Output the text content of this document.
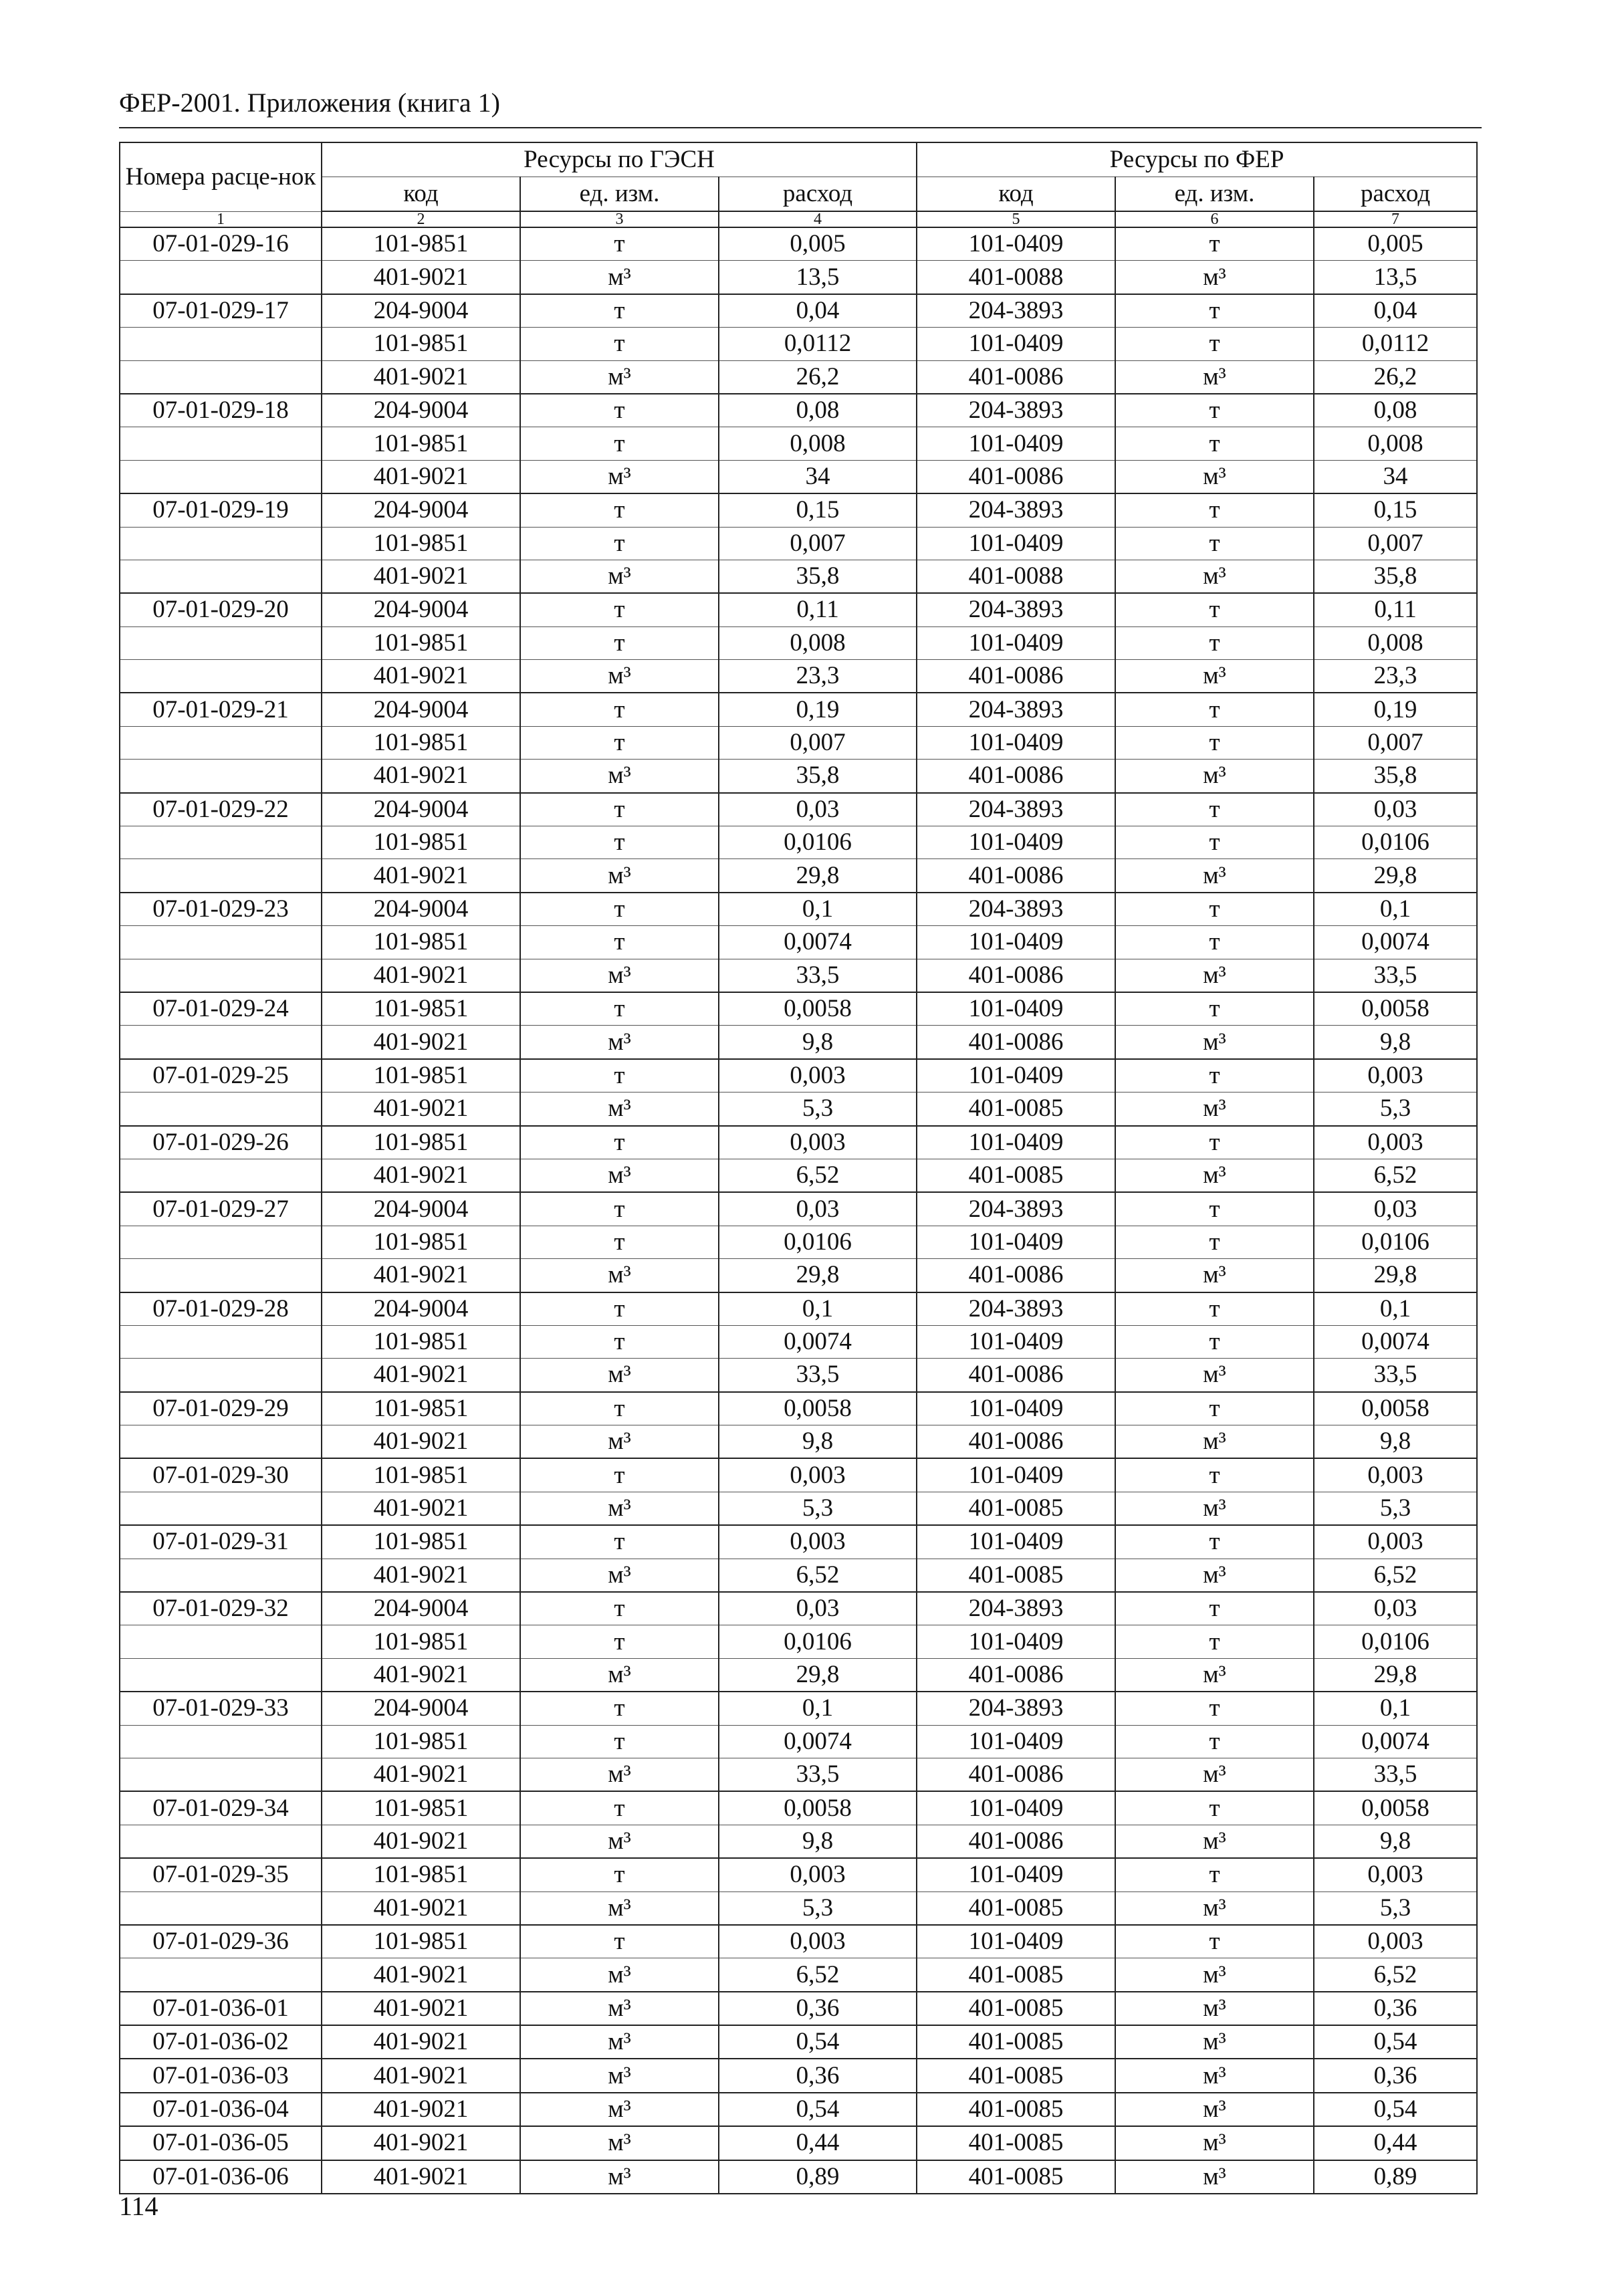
ФЕР-2001. Приложения (книга 1)
Номера расце-нок	Ресурсы по ГЭСН			Ресурсы по ФЕР		
	код	ед. изм.	расход	код	ед. изм.	расход
1	2	3	4	5	6	7
07-01-029-16	101-9851	т	0,005	101-0409	т	0,005
	401-9021	м³	13,5	401-0088	м³	13,5
07-01-029-17	204-9004	т	0,04	204-3893	т	0,04
	101-9851	т	0,0112	101-0409	т	0,0112
	401-9021	м³	26,2	401-0086	м³	26,2
07-01-029-18	204-9004	т	0,08	204-3893	т	0,08
	101-9851	т	0,008	101-0409	т	0,008
	401-9021	м³	34	401-0086	м³	34
07-01-029-19	204-9004	т	0,15	204-3893	т	0,15
	101-9851	т	0,007	101-0409	т	0,007
	401-9021	м³	35,8	401-0088	м³	35,8
07-01-029-20	204-9004	т	0,11	204-3893	т	0,11
	101-9851	т	0,008	101-0409	т	0,008
	401-9021	м³	23,3	401-0086	м³	23,3
07-01-029-21	204-9004	т	0,19	204-3893	т	0,19
	101-9851	т	0,007	101-0409	т	0,007
	401-9021	м³	35,8	401-0086	м³	35,8
07-01-029-22	204-9004	т	0,03	204-3893	т	0,03
	101-9851	т	0,0106	101-0409	т	0,0106
	401-9021	м³	29,8	401-0086	м³	29,8
07-01-029-23	204-9004	т	0,1	204-3893	т	0,1
	101-9851	т	0,0074	101-0409	т	0,0074
	401-9021	м³	33,5	401-0086	м³	33,5
07-01-029-24	101-9851	т	0,0058	101-0409	т	0,0058
	401-9021	м³	9,8	401-0086	м³	9,8
07-01-029-25	101-9851	т	0,003	101-0409	т	0,003
	401-9021	м³	5,3	401-0085	м³	5,3
07-01-029-26	101-9851	т	0,003	101-0409	т	0,003
	401-9021	м³	6,52	401-0085	м³	6,52
07-01-029-27	204-9004	т	0,03	204-3893	т	0,03
	101-9851	т	0,0106	101-0409	т	0,0106
	401-9021	м³	29,8	401-0086	м³	29,8
07-01-029-28	204-9004	т	0,1	204-3893	т	0,1
	101-9851	т	0,0074	101-0409	т	0,0074
	401-9021	м³	33,5	401-0086	м³	33,5
07-01-029-29	101-9851	т	0,0058	101-0409	т	0,0058
	401-9021	м³	9,8	401-0086	м³	9,8
07-01-029-30	101-9851	т	0,003	101-0409	т	0,003
	401-9021	м³	5,3	401-0085	м³	5,3
07-01-029-31	101-9851	т	0,003	101-0409	т	0,003
	401-9021	м³	6,52	401-0085	м³	6,52
07-01-029-32	204-9004	т	0,03	204-3893	т	0,03
	101-9851	т	0,0106	101-0409	т	0,0106
	401-9021	м³	29,8	401-0086	м³	29,8
07-01-029-33	204-9004	т	0,1	204-3893	т	0,1
	101-9851	т	0,0074	101-0409	т	0,0074
	401-9021	м³	33,5	401-0086	м³	33,5
07-01-029-34	101-9851	т	0,0058	101-0409	т	0,0058
	401-9021	м³	9,8	401-0086	м³	9,8
07-01-029-35	101-9851	т	0,003	101-0409	т	0,003
	401-9021	м³	5,3	401-0085	м³	5,3
07-01-029-36	101-9851	т	0,003	101-0409	т	0,003
	401-9021	м³	6,52	401-0085	м³	6,52
07-01-036-01	401-9021	м³	0,36	401-0085	м³	0,36
07-01-036-02	401-9021	м³	0,54	401-0085	м³	0,54
07-01-036-03	401-9021	м³	0,36	401-0085	м³	0,36
07-01-036-04	401-9021	м³	0,54	401-0085	м³	0,54
07-01-036-05	401-9021	м³	0,44	401-0085	м³	0,44
07-01-036-06	401-9021	м³	0,89	401-0085	м³	0,89
114
